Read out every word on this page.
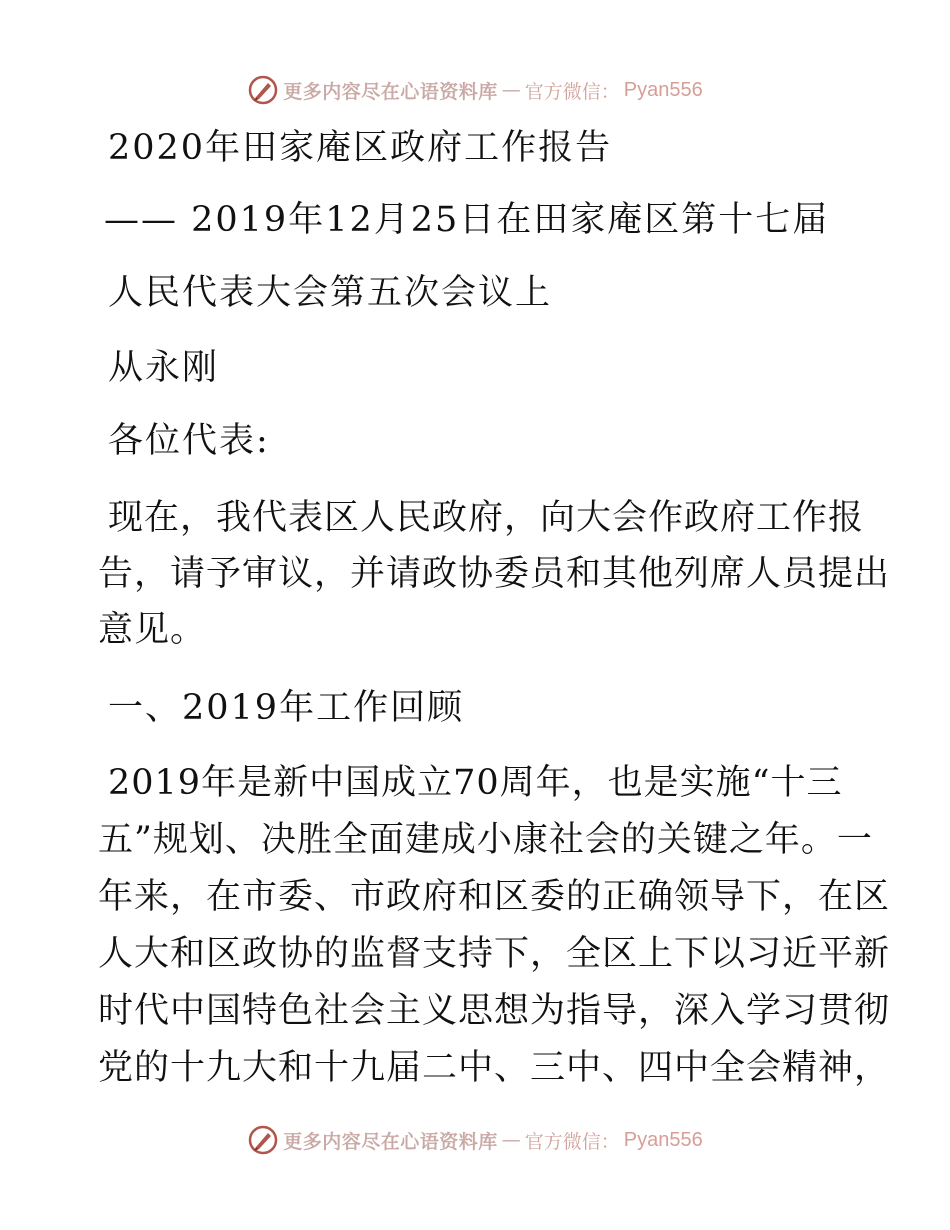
更多内容尽在心语资料库 — 官方微信： Pyan556
2020年田家庵区政府工作报告
—— 2019年12月25日在田家庵区第十七届
人民代表大会第五次会议上
从永刚
各位代表:
现在，我代表区人民政府，向大会作政府工作报
告，请予审议，并请政协委员和其他列席人员提出
意见。
一、2019年工作回顾
2019年是新中国成立70周年，也是实施“十三
五”规划、决胜全面建成小康社会的关键之年。一
年来，在市委、市政府和区委的正确领导下，在区
人大和区政协的监督支持下，全区上下以习近平新
时代中国特色社会主义思想为指导，深入学习贯彻
党的十九大和十九届二中、三中、四中全会精神，
更多内容尽在心语资料库 — 官方微信： Pyan556
